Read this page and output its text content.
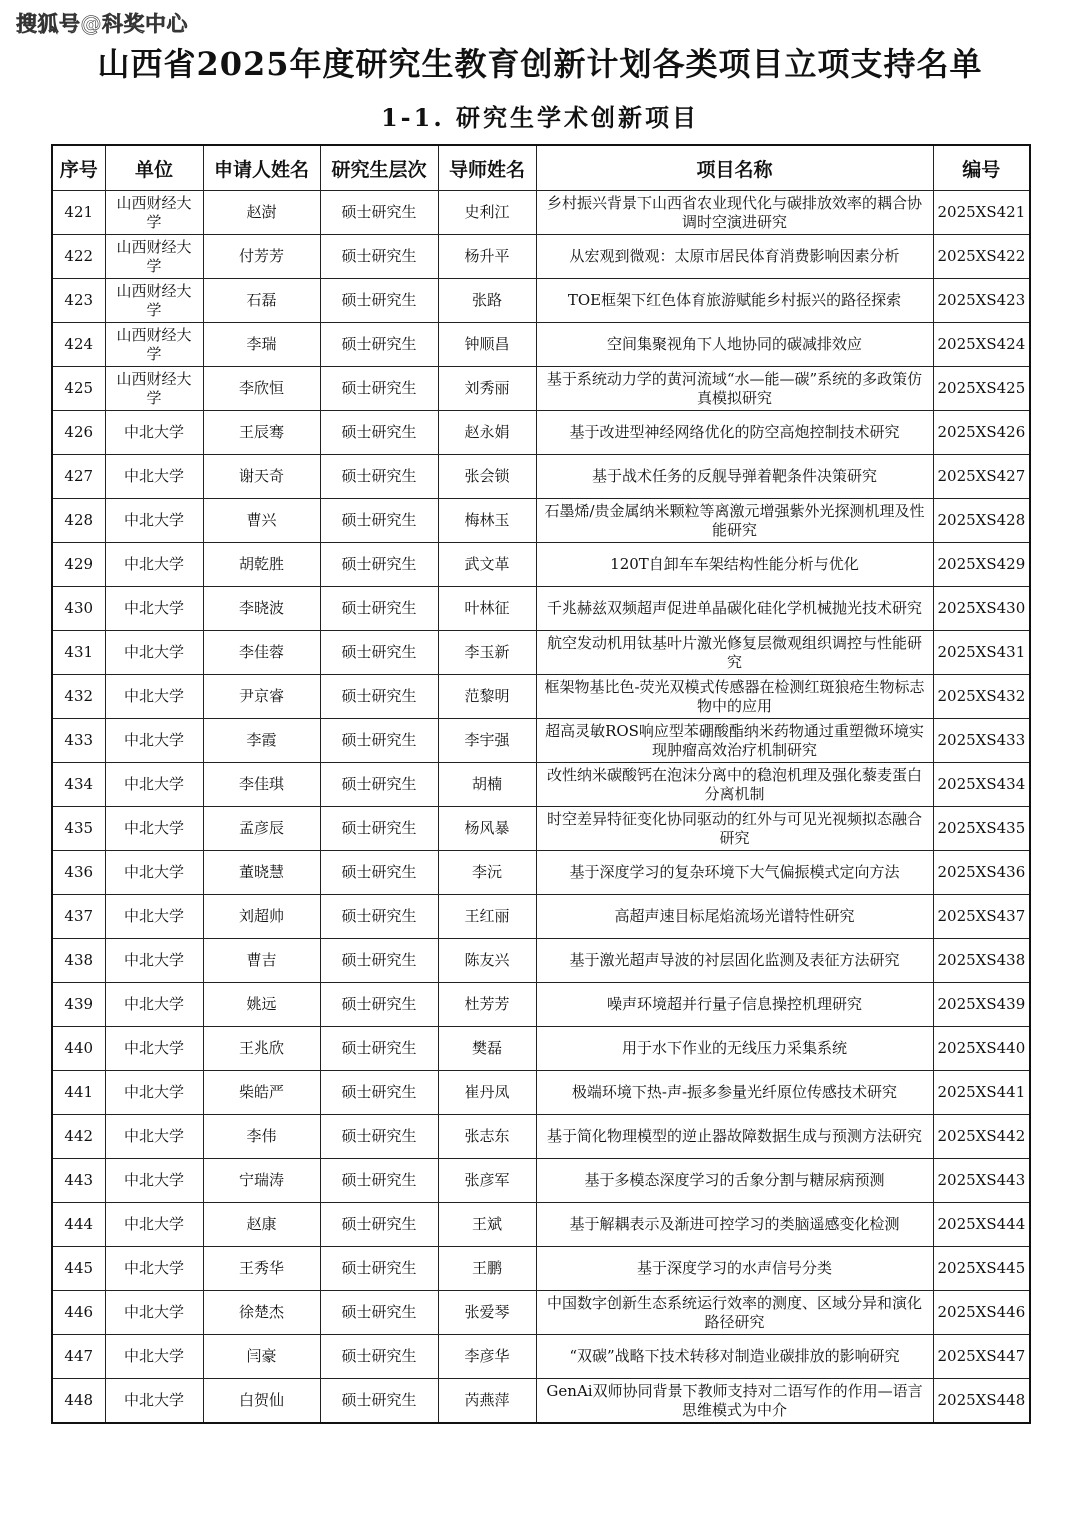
搜狐号@科奖中心
山西省2025年度研究生教育创新计划各类项目立项支持名单
1-1. 研究生学术创新项目
序号	单位	申请人姓名	研究生层次	导师姓名	项目名称	编号
421	山西财经大学	赵澍	硕士研究生	史利江	乡村振兴背景下山西省农业现代化与碳排放效率的耦合协调时空演进研究	2025XS421
422	山西财经大学	付芳芳	硕士研究生	杨升平	从宏观到微观：太原市居民体育消费影响因素分析	2025XS422
423	山西财经大学	石磊	硕士研究生	张路	TOE框架下红色体育旅游赋能乡村振兴的路径探索	2025XS423
424	山西财经大学	李瑞	硕士研究生	钟顺昌	空间集聚视角下人地协同的碳减排效应	2025XS424
425	山西财经大学	李欣恒	硕士研究生	刘秀丽	基于系统动力学的黄河流域“水—能—碳”系统的多政策仿真模拟研究	2025XS425
426	中北大学	王辰骞	硕士研究生	赵永娟	基于改进型神经网络优化的防空高炮控制技术研究	2025XS426
427	中北大学	谢天奇	硕士研究生	张会锁	基于战术任务的反舰导弹着靶条件决策研究	2025XS427
428	中北大学	曹兴	硕士研究生	梅林玉	石墨烯/贵金属纳米颗粒等离激元增强紫外光探测机理及性能研究	2025XS428
429	中北大学	胡乾胜	硕士研究生	武文革	120T自卸车车架结构性能分析与优化	2025XS429
430	中北大学	李晓波	硕士研究生	叶林征	千兆赫兹双频超声促进单晶碳化硅化学机械抛光技术研究	2025XS430
431	中北大学	李佳蓉	硕士研究生	李玉新	航空发动机用钛基叶片激光修复层微观组织调控与性能研究	2025XS431
432	中北大学	尹京睿	硕士研究生	范黎明	框架物基比色-荧光双模式传感器在检测红斑狼疮生物标志物中的应用	2025XS432
433	中北大学	李霞	硕士研究生	李宇强	超高灵敏ROS响应型苯硼酸酯纳米药物通过重塑微环境实现肿瘤高效治疗机制研究	2025XS433
434	中北大学	李佳琪	硕士研究生	胡楠	改性纳米碳酸钙在泡沫分离中的稳泡机理及强化藜麦蛋白分离机制	2025XS434
435	中北大学	孟彦辰	硕士研究生	杨风暴	时空差异特征变化协同驱动的红外与可见光视频拟态融合研究	2025XS435
436	中北大学	董晓慧	硕士研究生	李沅	基于深度学习的复杂环境下大气偏振模式定向方法	2025XS436
437	中北大学	刘超帅	硕士研究生	王红丽	高超声速目标尾焰流场光谱特性研究	2025XS437
438	中北大学	曹吉	硕士研究生	陈友兴	基于激光超声导波的衬层固化监测及表征方法研究	2025XS438
439	中北大学	姚远	硕士研究生	杜芳芳	噪声环境超并行量子信息操控机理研究	2025XS439
440	中北大学	王兆欣	硕士研究生	樊磊	用于水下作业的无线压力采集系统	2025XS440
441	中北大学	柴皓严	硕士研究生	崔丹凤	极端环境下热-声-振多参量光纤原位传感技术研究	2025XS441
442	中北大学	李伟	硕士研究生	张志东	基于简化物理模型的逆止器故障数据生成与预测方法研究	2025XS442
443	中北大学	宁瑞涛	硕士研究生	张彦军	基于多模态深度学习的舌象分割与糖尿病预测	2025XS443
444	中北大学	赵康	硕士研究生	王斌	基于解耦表示及渐进可控学习的类脑遥感变化检测	2025XS444
445	中北大学	王秀华	硕士研究生	王鹏	基于深度学习的水声信号分类	2025XS445
446	中北大学	徐楚杰	硕士研究生	张爱琴	中国数字创新生态系统运行效率的测度、区域分异和演化路径研究	2025XS446
447	中北大学	闫豪	硕士研究生	李彦华	“双碳”战略下技术转移对制造业碳排放的影响研究	2025XS447
448	中北大学	白贺仙	硕士研究生	芮燕萍	GenAi双师协同背景下教师支持对二语写作的作用—语言思维模式为中介	2025XS448
